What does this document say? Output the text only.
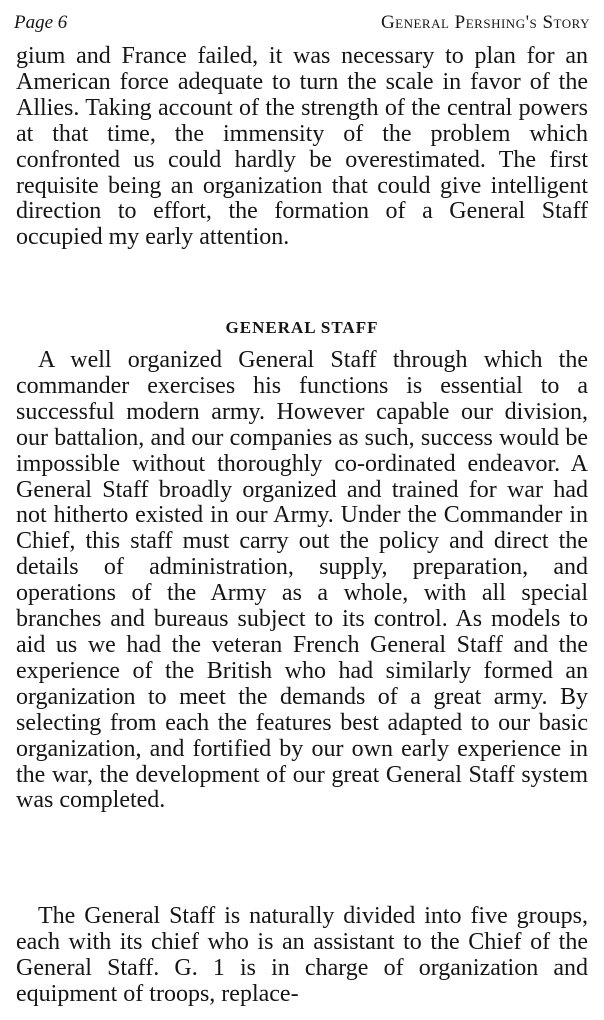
Page 6	General Pershing's Story

gium and France failed, it was necessary to plan for an American force adequate to turn the scale in favor of the Allies. Taking account of the strength of the central powers at that time, the immensity of the problem which confronted us could hardly be overestimated. The first requisite being an organization that could give intelligent direction to effort, the formation of a General Staff occupied my early attention.

GENERAL STAFF

A well organized General Staff through which the commander exercises his functions is essential to a successful modern army. However capable our division, our battalion, and our companies as such, success would be impossible without thoroughly co-ordinated endeavor. A General Staff broadly organized and trained for war had not hitherto existed in our Army. Under the Commander in Chief, this staff must carry out the policy and direct the details of administration, supply, preparation, and operations of the Army as a whole, with all special branches and bureaus subject to its control. As models to aid us we had the veteran French General Staff and the experience of the British who had similarly formed an organization to meet the demands of a great army. By selecting from each the features best adapted to our basic organization, and fortified by our own early experience in the war, the development of our great General Staff system was completed.

The General Staff is naturally divided into five groups, each with its chief who is an assistant to the Chief of the General Staff. G. 1 is in charge of organization and equipment of troops, replace-
